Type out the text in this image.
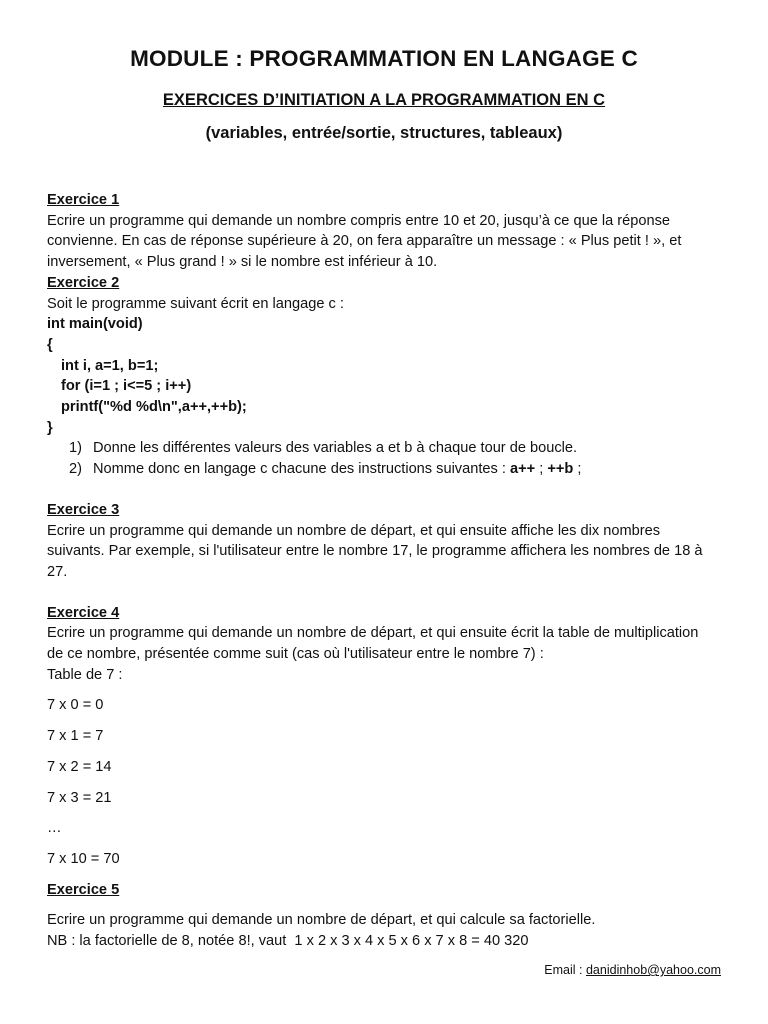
MODULE : PROGRAMMATION EN LANGAGE C
EXERCICES D’INITIATION A LA PROGRAMMATION EN C
(variables, entrée/sortie, structures, tableaux)

Exercice 1

Ecrire un programme qui demande un nombre compris entre 10 et 20, jusqu’à ce que la réponse convienne. En cas de réponse supérieure à 20, on fera apparaître un message : « Plus petit ! », et inversement, « Plus grand ! » si le nombre est inférieur à 10.

Exercice 2

Soit le programme suivant écrit en langage c :

int main(void)

{

int i, a=1, b=1;

for (i=1 ; i<=5 ; i++)

printf("%d %d\n",a++,++b);

}

1) Donne les différentes valeurs des variables a et b à chaque tour de boucle.
2) Nomme donc en langage c chacune des instructions suivantes : a++ ; ++b ;

Exercice 3

Ecrire un programme qui demande un nombre de départ, et qui ensuite affiche les dix nombres suivants. Par exemple, si l'utilisateur entre le nombre 17, le programme affichera les nombres de 18 à 27.

Exercice 4

Ecrire un programme qui demande un nombre de départ, et qui ensuite écrit la table de multiplication de ce nombre, présentée comme suit (cas où l'utilisateur entre le nombre 7) :

Table de 7 :

7 x 0 = 0

7 x 1 = 7

7 x 2 = 14

7 x 3 = 21

…

7 x 10 = 70

Exercice 5

Ecrire un programme qui demande un nombre de départ, et qui calcule sa factorielle.

NB : la factorielle de 8, notée 8!, vaut  1 x 2 x 3 x 4 x 5 x 6 x 7 x 8 = 40 320

Email : danidinhob@yahoo.com
